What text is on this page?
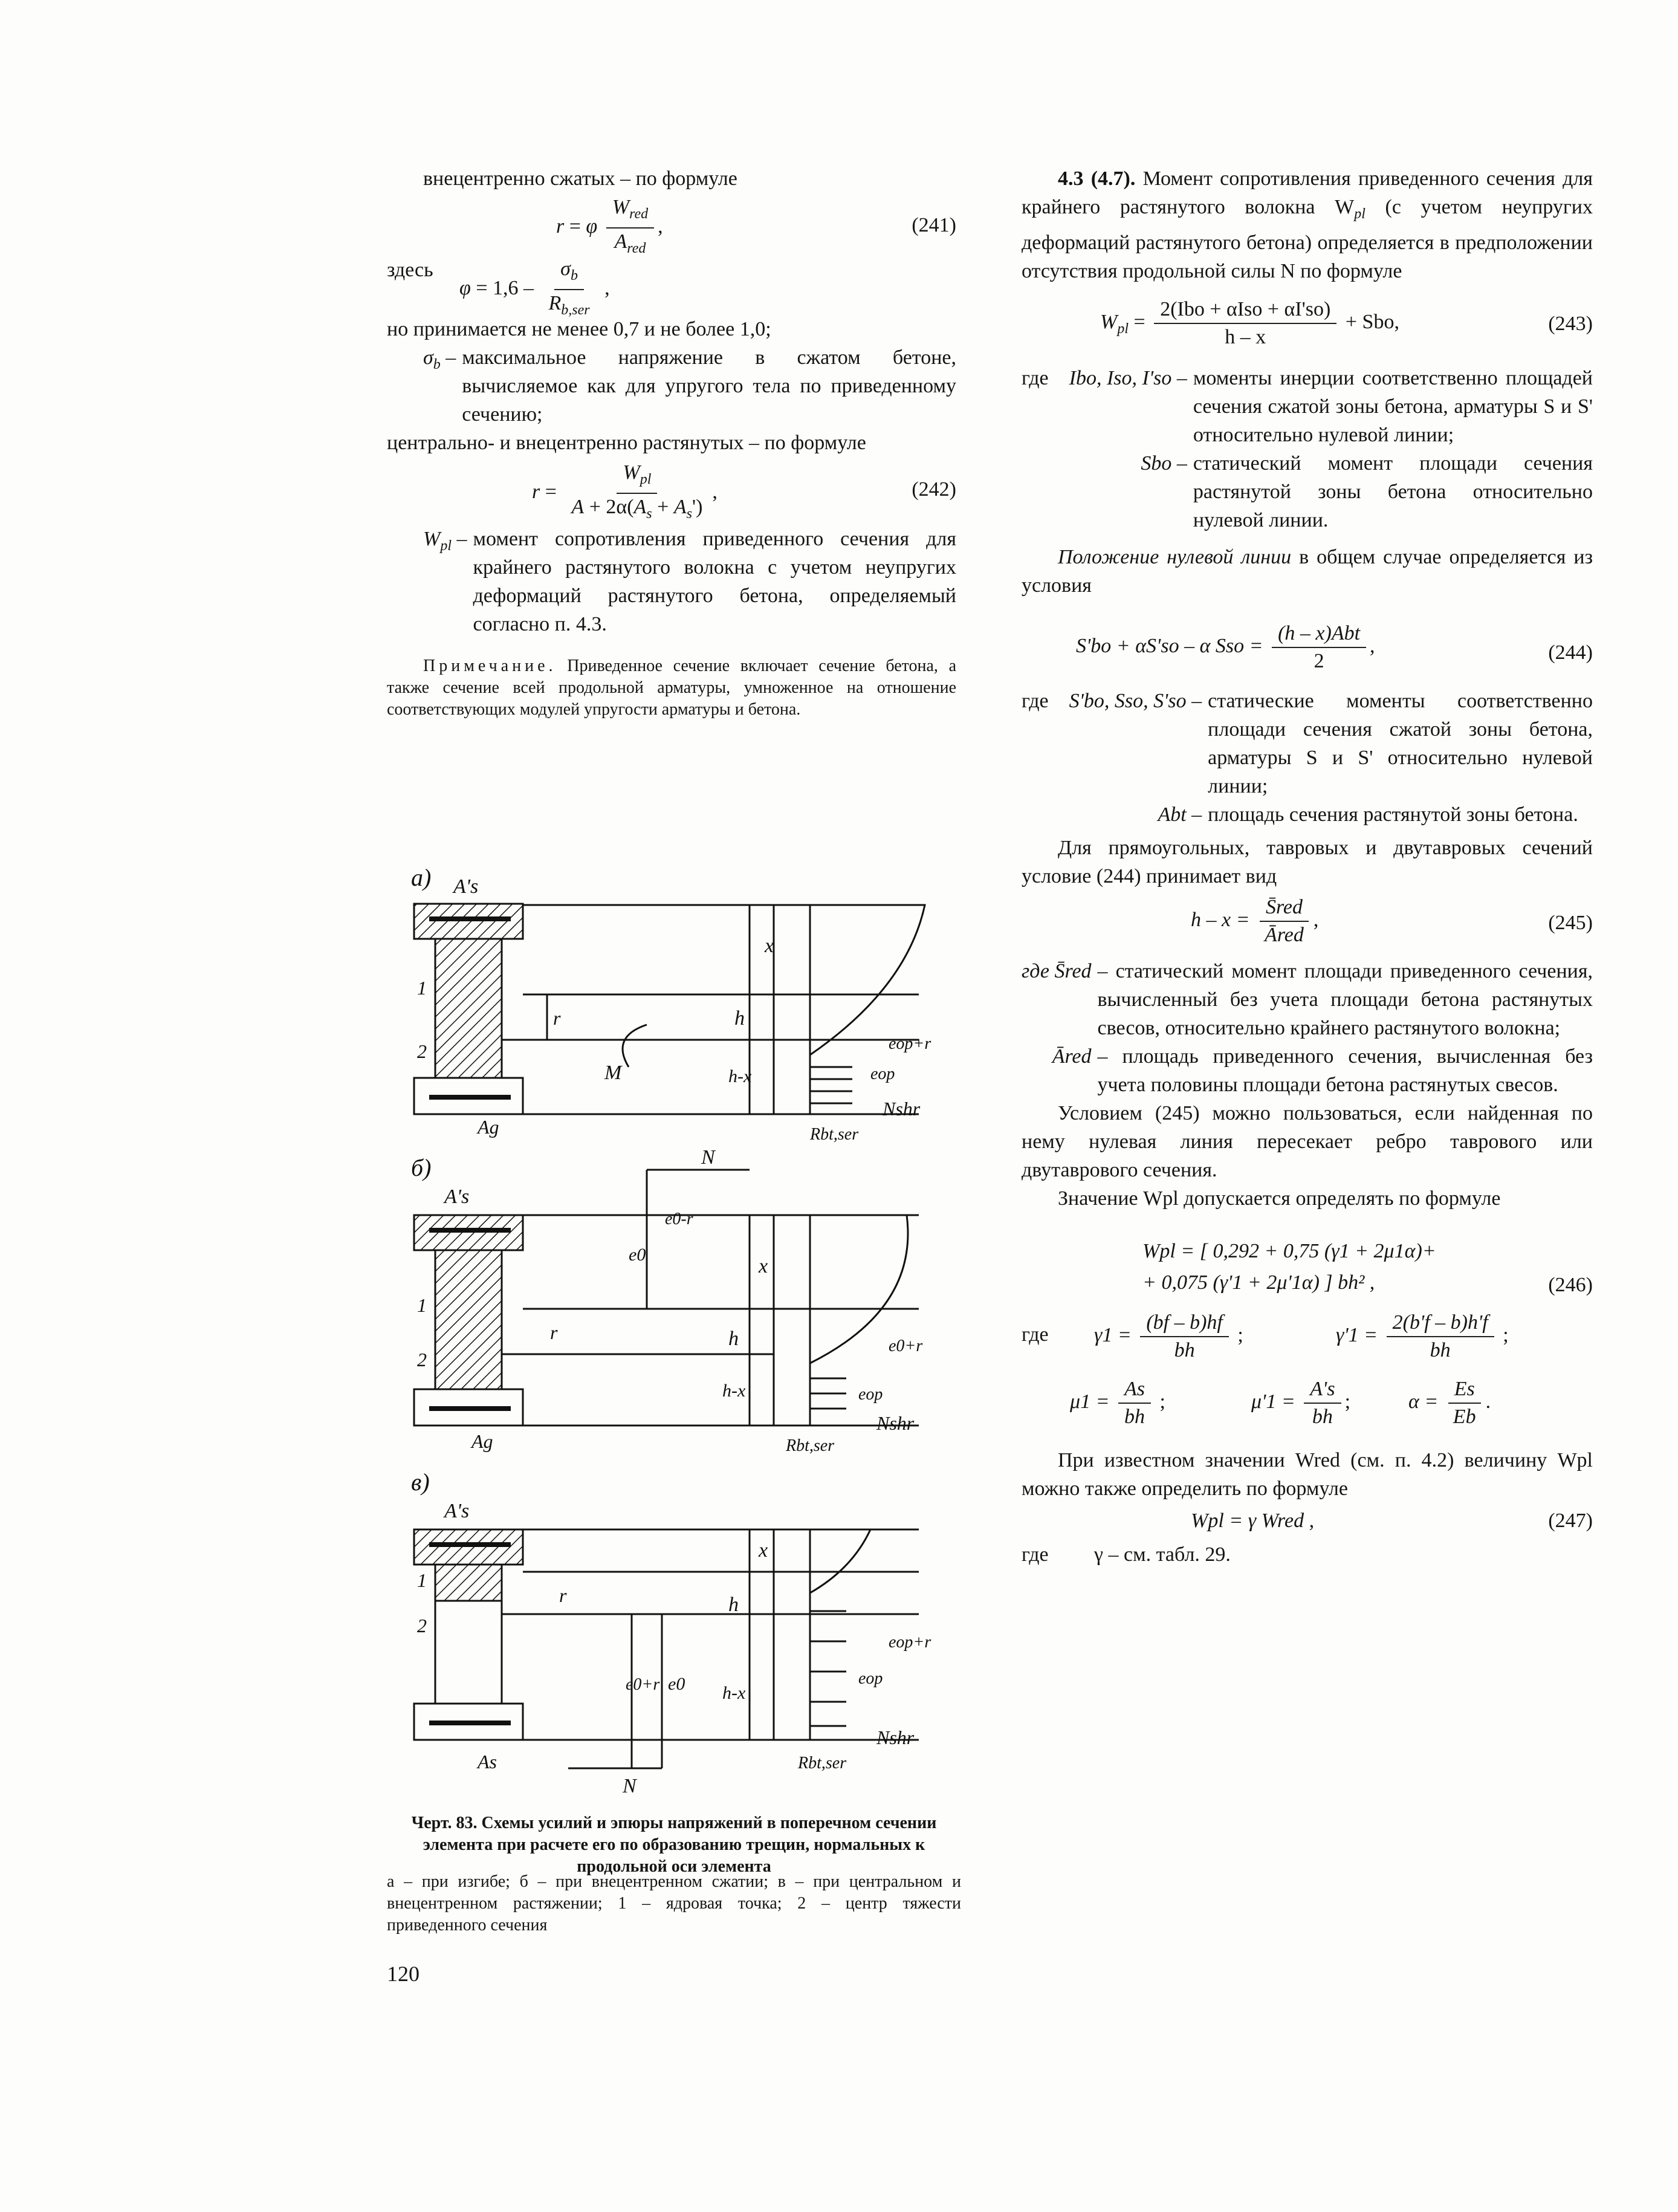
внецентренно сжатых – по формуле

r = φ $\frac{W_{red}}{A_{red}}$ ,	(241)
здесь
$\varphi = 1,6 - \frac{\sigma_b}{R_{b,ser}}$ ,

но принимается не менее 0,7 и не более 1,0;

$\sigma_b$ – максимальное напряжение в сжатом бетоне, вычисляемое как для упругого тела по приведенному сечению;

центрально- и внецентренно растянутых – по формуле

$r = \frac{W_{pl}}{A + 2\alpha(A_s + A_s')}$ ,	(242)
$W_{pl}$ – момент сопротивления приведенного сечения для крайнего растянутого волокна с учетом неупругих деформаций растянутого бетона, определяемый согласно п. 4.3.

Примечание. Приведенное сечение включает сечение бетона, а также сечение всей продольной арматуры, умноженное на отношение соответствующих модулей упругости арматуры и бетона.

а) A's
x
h
h-x
r
M
1
2
eop
eop+r
Nshr
Ag	Rbt,ser
б)	N
A's
e0
e0-r
x
h
h-x
r
1
2
eop
e0+r
Nshr
Ag	Rbt,ser
в)
A's
e0+r e0
x
h
h-x
r
1
2
eop
eop+r
Nshr
As	Rbt,ser
N
Черт. 83. Схемы усилий и эпюры напряжений в поперечном сечении элемента при расчете его по образованию трещин, нормальных к продольной оси элемента
а – при изгибе; б – при внецентренном сжатии; в – при центральном и внецентренном растяжении; 1 – ядровая точка; 2 – центр тяжести приведенного сечения
120

4.3 (4.7). Момент сопротивления приведенного сечения для крайнего растянутого волокна $W_{pl}$ (с учетом неупругих деформаций растянутого бетона) определяется в предположении отсутствия продольной силы N по формуле

$W_{pl} = \frac{\text{2(Ibo + αIso + αI'so)}}{h - x}$ + Sbo,	(243)
где Ibo, Iso, I'so – моменты инерции соответственно площадей сечения сжатой зоны бетона, арматуры S и S' относительно нулевой линии;
Sbo – статический момент площади сечения растянутой зоны бетона относительно нулевой линии.

Положение нулевой линии в общем случае определяется из условия

S'bo + αS'so – α Sso = $\frac{\text{(h – x)Abt}}{2}$ ,	(244)
где S'bo, Sso, S'so – статические моменты соответственно площади сечения сжатой зоны бетона, арматуры S и S' относительно нулевой линии;
Abt – площадь сечения растянутой зоны бетона.

Для прямоугольных, тавровых и двутавровых сечений условие (244) принимает вид

$h - x = \frac{\text{S̄red}}{\text{Āred}}$ ,	(245)
где S̄red – статический момент площади приведенного сечения, вычисленный без учета площади бетона растянутых свесов, относительно крайнего растянутого волокна;
Āred – площадь приведенного сечения, вычисленная без учета половины площади бетона растянутых свесов.

Условием (245) можно пользоваться, если найденная по нему нулевая линия пересекает ребро таврового или двутаврового сечения.

Значение Wpl допускается определять по формуле

Wpl = [ 0,292 + 0,75 (γ1 + 2μ1α)+
+ 0,075 (γ'1 + 2μ'1α) ] bh² ,	(246)
где $\gamma 1 = \frac{(bf - b)hf}{bh}$ ;	$\gamma'1 = \frac{2(b'f - b)h'f}{bh}$ ;
$\mu 1 = \frac{As}{bh}$ ;	$\mu'1 = \frac{A's}{bh}$ ;	$\alpha = \frac{Es}{Eb}$ .

При известном значении Wred (см. п. 4.2) величину Wpl можно также определить по формуле

Wpl = γ Wred ,	(247)
где γ – см. табл. 29.
